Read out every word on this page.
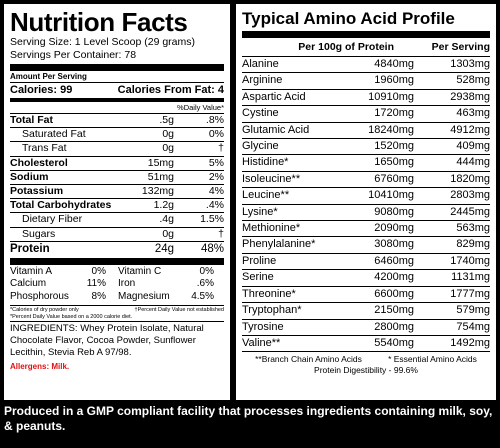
Nutrition Facts
Serving Size: 1 Level Scoop (29 grams)
Servings Per Container: 78
Amount Per Serving
Calories: 99	Calories From Fat: 4
%Daily Value*
Total Fat	.5g	.8%
Saturated Fat	0g	0%
Trans Fat	0g	†
Cholesterol	15mg	5%
Sodium	51mg	2%
Potassium	132mg	4%
Total Carbohydrates	1.2g	.4%
Dietary Fiber	.4g	1.5%
Sugars	0g	†
Protein	24g	48%
Vitamin A	0%	Vitamin C	0%
Calcium	11%	Iron	.6%
Phosphorous	8%	Magnesium	4.5%
*Calories of dry powder only
*Percent Daily Value based on a 2000 calorie diet.
†Percent Daily Value not established
INGREDIENTS: Whey Protein Isolate, Natural Chocolate Flavor, Cocoa Powder, Sunflower Lecithin, Stevia Reb A 97/98.
Allergens: Milk.
Typical Amino Acid Profile
Per 100g of Protein	Per Serving
Alanine	4840mg	1303mg
Arginine	1960mg	528mg
Aspartic Acid	10910mg	2938mg
Cystine	1720mg	463mg
Glutamic Acid	18240mg	4912mg
Glycine	1520mg	409mg
Histidine*	1650mg	444mg
Isoleucine**	6760mg	1820mg
Leucine**	10410mg	2803mg
Lysine*	9080mg	2445mg
Methionine*	2090mg	563mg
Phenylalanine*	3080mg	829mg
Proline	6460mg	1740mg
Serine	4200mg	1131mg
Threonine*	6600mg	1777mg
Tryptophan*	2150mg	579mg
Tyrosine	2800mg	754mg
Valine**	5540mg	1492mg
**Branch Chain Amino Acids	* Essential Amino Acids
Protein Digestibility - 99.6%
Produced in a GMP compliant facility that processes ingredients containing milk, soy, & peanuts.
